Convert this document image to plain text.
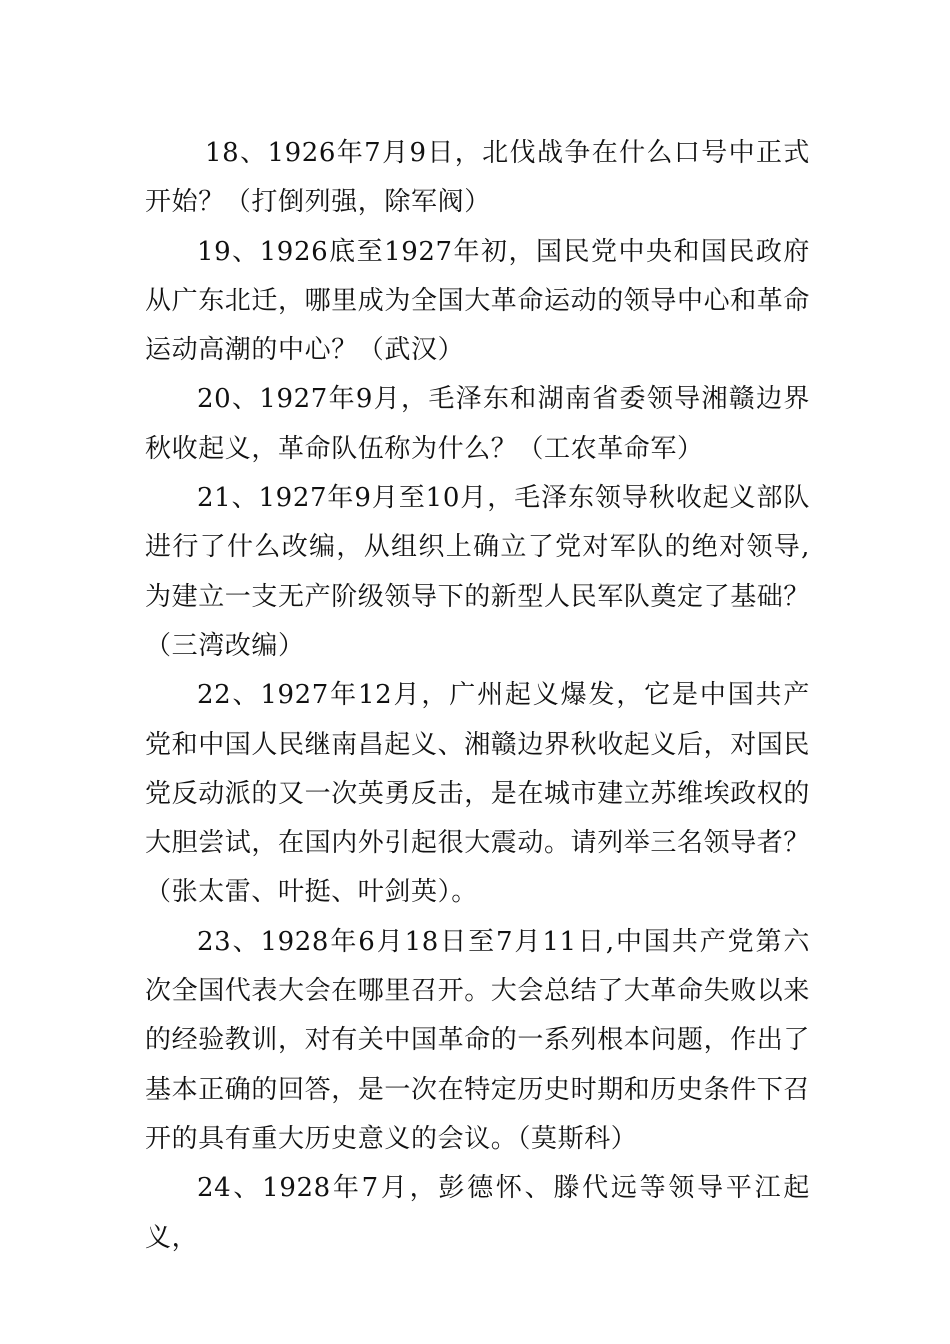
18、1926年7月9日，北伐战争在什么口号中正式开始？（打倒列强，除军阀）

19、1926底至1927年初，国民党中央和国民政府从广东北迁，哪里成为全国大革命运动的领导中心和革命运动高潮的中心？（武汉）

20、1927年9月，毛泽东和湖南省委领导湘赣边界秋收起义，革命队伍称为什么？（工农革命军）

21、1927年9月至10月，毛泽东领导秋收起义部队进行了什么改编，从组织上确立了党对军队的绝对领导,为建立一支无产阶级领导下的新型人民军队奠定了基础？（三湾改编）

22、1927年12月，广州起义爆发，它是中国共产党和中国人民继南昌起义、湘赣边界秋收起义后，对国民党反动派的又一次英勇反击，是在城市建立苏维埃政权的大胆尝试，在国内外引起很大震动。请列举三名领导者？（张太雷、叶挺、叶剑英）。

23、1928年6月18日至7月11日,中国共产党第六次全国代表大会在哪里召开。大会总结了大革命失败以来的经验教训，对有关中国革命的一系列根本问题，作出了基本正确的回答，是一次在特定历史时期和历史条件下召开的具有重大历史意义的会议。（莫斯科）

24、1928年7月，彭德怀、滕代远等领导平江起义，
